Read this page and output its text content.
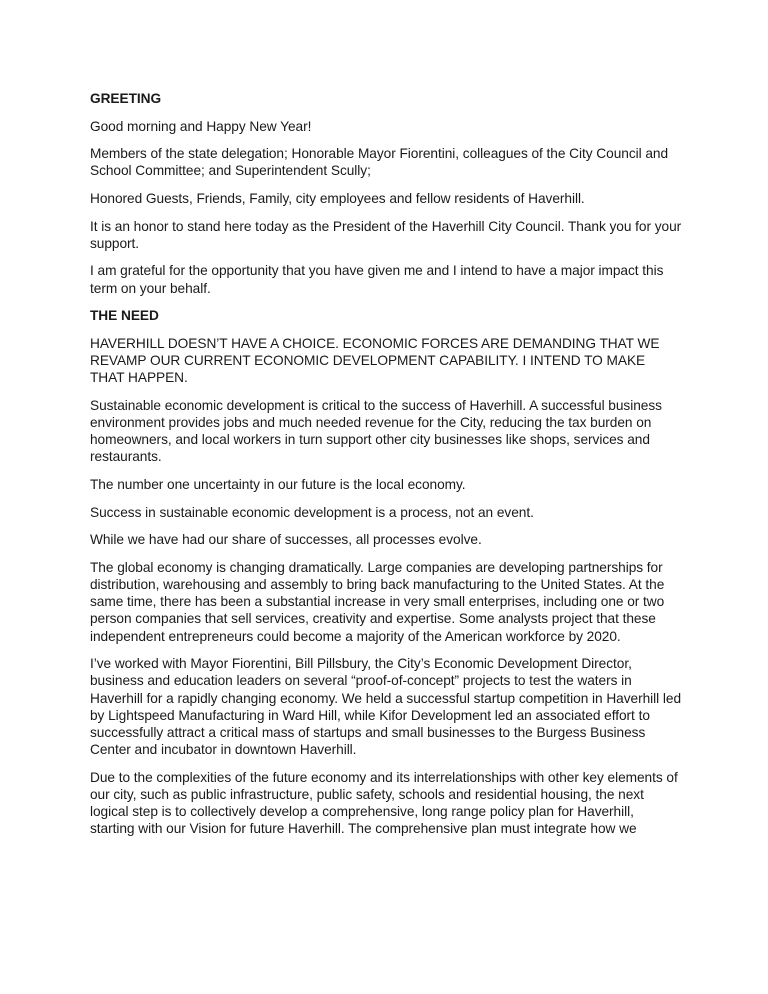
GREETING

Good morning and Happy New Year!

Members of the state delegation; Honorable Mayor Fiorentini, colleagues of the City Council and School Committee; and Superintendent Scully;

Honored Guests, Friends, Family, city employees and fellow residents of Haverhill.

It is an honor to stand here today as the President of the Haverhill City Council. Thank you for your support.

I am grateful for the opportunity that you have given me and I intend to have a major impact this term on your behalf.

THE NEED

HAVERHILL DOESN’T HAVE A CHOICE. ECONOMIC FORCES ARE DEMANDING THAT WE REVAMP OUR CURRENT ECONOMIC DEVELOPMENT CAPABILITY. I INTEND TO MAKE THAT HAPPEN.

Sustainable economic development is critical to the success of Haverhill. A successful business environment provides jobs and much needed revenue for the City, reducing the tax burden on homeowners, and local workers in turn support other city businesses like shops, services and restaurants.

The number one uncertainty in our future is the local economy.

Success in sustainable economic development is a process, not an event.

While we have had our share of successes, all processes evolve.

The global economy is changing dramatically. Large companies are developing partnerships for distribution, warehousing and assembly to bring back manufacturing to the United States. At the same time, there has been a substantial increase in very small enterprises, including one or two person companies that sell services, creativity and expertise. Some analysts project that these independent entrepreneurs could become a majority of the American workforce by 2020.

I’ve worked with Mayor Fiorentini, Bill Pillsbury, the City’s Economic Development Director, business and education leaders on several “proof-of-concept” projects to test the waters in Haverhill for a rapidly changing economy. We held a successful startup competition in Haverhill led by Lightspeed Manufacturing in Ward Hill, while Kifor Development led an associated effort to successfully attract a critical mass of startups and small businesses to the Burgess Business Center and incubator in downtown Haverhill.

Due to the complexities of the future economy and its interrelationships with other key elements of our city, such as public infrastructure, public safety, schools and residential housing, the next logical step is to collectively develop a comprehensive, long range policy plan for Haverhill, starting with our Vision for future Haverhill. The comprehensive plan must integrate how we
